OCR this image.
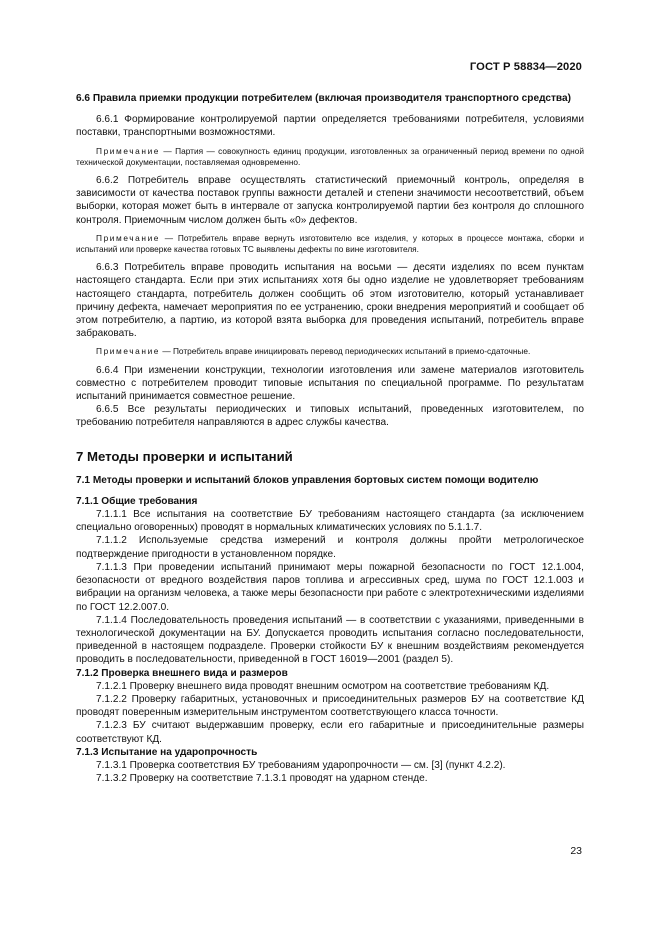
ГОСТ Р 58834—2020

6.6 Правила приемки продукции потребителем (включая производителя транспортного средства)

6.6.1 Формирование контролируемой партии определяется требованиями потребителя, условиями поставки, транспортными возможностями.

Примечание — Партия — совокупность единиц продукции, изготовленных за ограниченный период времени по одной технической документации, поставляемая одновременно.

6.6.2 Потребитель вправе осуществлять статистический приемочный контроль, определяя в зависимости от качества поставок группы важности деталей и степени значимости несоответствий, объем выборки, которая может быть в интервале от запуска контролируемой партии без контроля до сплошного контроля. Приемочным числом должен быть «0» дефектов.

Примечание — Потребитель вправе вернуть изготовителю все изделия, у которых в процессе монтажа, сборки и испытаний или проверке качества готовых ТС выявлены дефекты по вине изготовителя.

6.6.3 Потребитель вправе проводить испытания на восьми — десяти изделиях по всем пунктам настоящего стандарта. Если при этих испытаниях хотя бы одно изделие не удовлетворяет требованиям настоящего стандарта, потребитель должен сообщить об этом изготовителю, который устанавливает причину дефекта, намечает мероприятия по ее устранению, сроки внедрения мероприятий и сообщает об этом потребителю, а партию, из которой взята выборка для проведения испытаний, потребитель вправе забраковать.

Примечание — Потребитель вправе инициировать перевод периодических испытаний в приемо-сдаточные.

6.6.4 При изменении конструкции, технологии изготовления или замене материалов изготовитель совместно с потребителем проводит типовые испытания по специальной программе. По результатам испытаний принимается совместное решение.

6.6.5 Все результаты периодических и типовых испытаний, проведенных изготовителем, по требованию потребителя направляются в адрес службы качества.

7 Методы проверки и испытаний

7.1 Методы проверки и испытаний блоков управления бортовых систем помощи водителю

7.1.1 Общие требования

7.1.1.1 Все испытания на соответствие БУ требованиям настоящего стандарта (за исключением специально оговоренных) проводят в нормальных климатических условиях по 5.1.1.7.

7.1.1.2 Используемые средства измерений и контроля должны пройти метрологическое подтверждение пригодности в установленном порядке.

7.1.1.3 При проведении испытаний принимают меры пожарной безопасности по ГОСТ 12.1.004, безопасности от вредного воздействия паров топлива и агрессивных сред, шума по ГОСТ 12.1.003 и вибрации на организм человека, а также меры безопасности при работе с электротехническими изделиями по ГОСТ 12.2.007.0.

7.1.1.4 Последовательность проведения испытаний — в соответствии с указаниями, приведенными в технологической документации на БУ. Допускается проводить испытания согласно последовательности, приведенной в настоящем подразделе. Проверки стойкости БУ к внешним воздействиям рекомендуется проводить в последовательности, приведенной в ГОСТ 16019—2001 (раздел 5).

7.1.2 Проверка внешнего вида и размеров

7.1.2.1 Проверку внешнего вида проводят внешним осмотром на соответствие требованиям КД.

7.1.2.2 Проверку габаритных, установочных и присоединительных размеров БУ на соответствие КД проводят поверенным измерительным инструментом соответствующего класса точности.

7.1.2.3 БУ считают выдержавшим проверку, если его габаритные и присоединительные размеры соответствуют КД.

7.1.3 Испытание на ударопрочность

7.1.3.1 Проверка соответствия БУ требованиям ударопрочности — см. [3] (пункт 4.2.2).

7.1.3.2 Проверку на соответствие 7.1.3.1 проводят на ударном стенде.

23
